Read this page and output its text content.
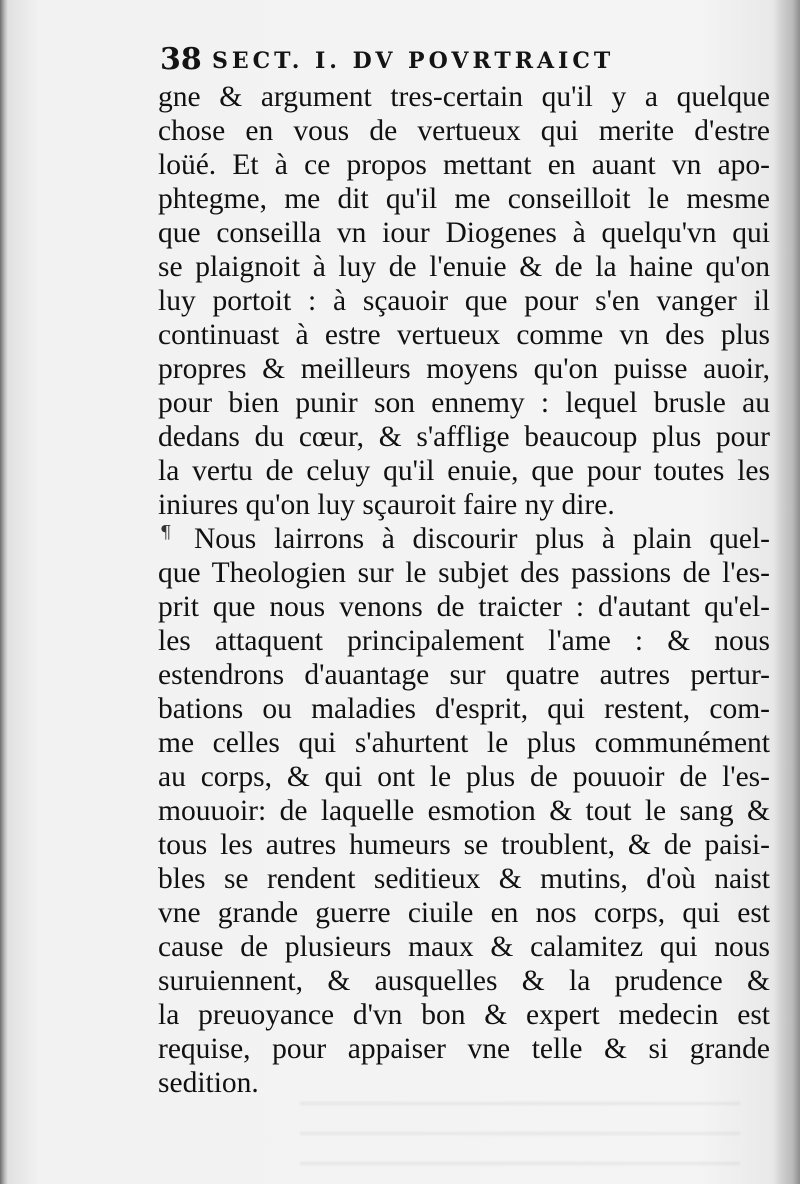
38 SECT. I. DV POVRTRAICT
¶
gne & argument tres-certain qu'il y a quelque
chose en vous de vertueux qui merite d'estre
loüé. Et à ce propos mettant en auant vn apo-
phtegme, me dit qu'il me conseilloit le mesme
que conseilla vn iour Diogenes à quelqu'vn qui
se plaignoit à luy de l'enuie & de la haine qu'on
luy portoit : à sçauoir que pour s'en vanger il
continuast à estre vertueux comme vn des plus
propres & meilleurs moyens qu'on puisse auoir,
pour bien punir son ennemy : lequel brusle au
dedans du cœur, & s'afflige beaucoup plus pour
la vertu de celuy qu'il enuie, que pour toutes les
iniures qu'on luy sçauroit faire ny dire.
Nous lairrons à discourir plus à plain quel-
que Theologien sur le subjet des passions de l'es-
prit que nous venons de traicter : d'autant qu'el-
les attaquent principalement l'ame : & nous
estendrons d'auantage sur quatre autres pertur-
bations ou maladies d'esprit, qui restent, com-
me celles qui s'ahurtent le plus communément
au corps, & qui ont le plus de pouuoir de l'es-
mouuoir: de laquelle esmotion & tout le sang &
tous les autres humeurs se troublent, & de paisi-
bles se rendent seditieux & mutins, d'où naist
vne grande guerre ciuile en nos corps, qui est
cause de plusieurs maux & calamitez qui nous
suruiennent, & ausquelles & la prudence &
la preuoyance d'vn bon & expert medecin est
requise, pour appaiser vne telle & si grande
sedition.
